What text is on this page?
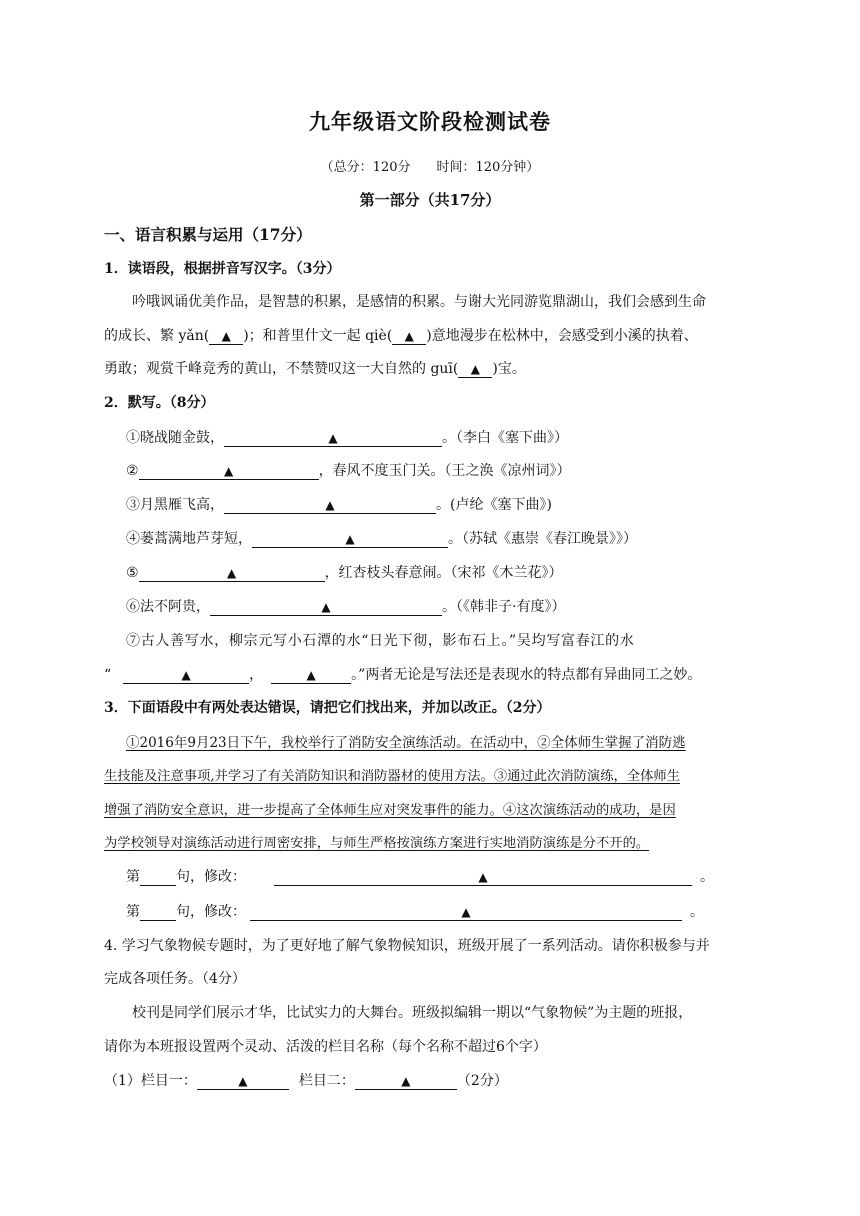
九年级语文阶段检测试卷
（总分：120分　　时间：120分钟）
第一部分（共17分）
一、语言积累与运用（17分）
1．读语段，根据拼音写汉字。（3分）
吟哦讽诵优美作品，是智慧的积累，是感情的积累。与谢大光同游览鼎湖山，我们会感到生命
的成长、繁 yǎn( ▲ )；和普里什文一起 qiè( ▲ )意地漫步在松林中，会感受到小溪的执着、
勇敢；观赏千峰竞秀的黄山，不禁赞叹这一大自然的 guī( ▲ )宝。
2．默写。（8分）
①晓战随金鼓，	▲	。（李白《塞下曲》）
②	▲	，春风不度玉门关。（王之涣《凉州词》）
③月黑雁飞高，	▲	。(卢纶《塞下曲》)
④蒌蒿满地芦芽短，	▲	。（苏轼《惠崇《春江晚景》》）
⑤	▲	，红杏枝头春意闹。（宋祁《木兰花》）
⑥法不阿贵，	▲	。（《韩非子·有度》）
⑦古人善写水，柳宗元写小石潭的水“日光下彻，影布石上。”吴均写富春江的水
“	▲	，	▲	。”两者无论是写法还是表现水的特点都有异曲同工之妙。
3．下面语段中有两处表达错误，请把它们找出来，并加以改正。（2分）
①2016年9月23日下午，我校举行了消防安全演练活动。在活动中，②全体师生掌握了消防逃
生技能及注意事项,并学习了有关消防知识和消防器材的使用方法。③通过此次消防演练，全体师生
增强了消防安全意识，进一步提高了全体师生应对突发事件的能力。④这次演练活动的成功，是因
为学校领导对演练活动进行周密安排，与师生严格按演练方案进行实地消防演练是分不开的。
第	句，修改：	▲	。
第	句，修改：	▲	。
4. 学习气象物候专题时，为了更好地了解气象物候知识，班级开展了一系列活动。请你积极参与并
完成各项任务。（4分）
校刊是同学们展示才华，比试实力的大舞台。班级拟编辑一期以“气象物候”为主题的班报，
请你为本班报设置两个灵动、活泼的栏目名称（每个名称不超过6个字）
（1）栏目一：	▲	栏目二：	▲	（2分）
